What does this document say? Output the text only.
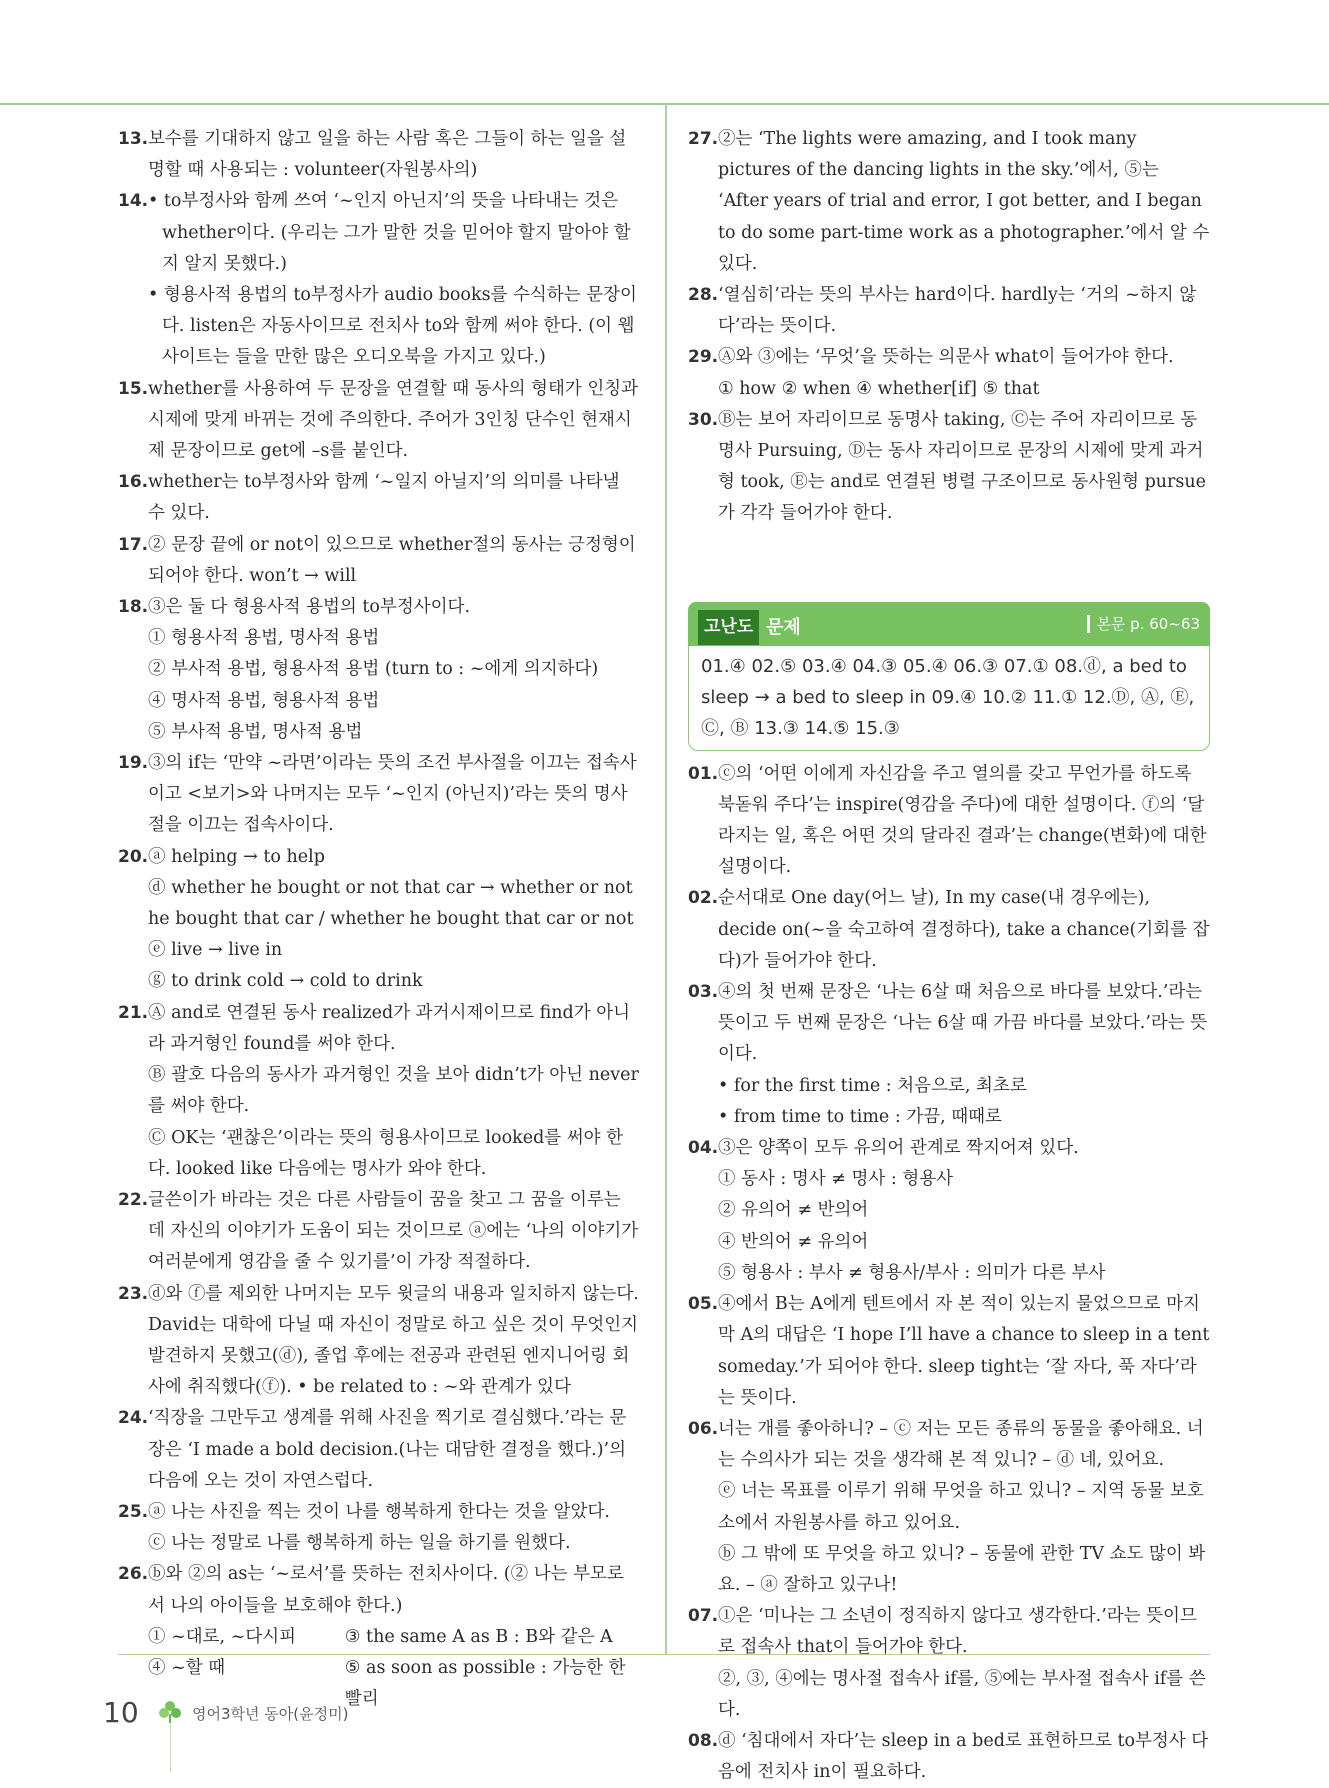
13. 보수를 기대하지 않고 일을 하는 사람 혹은 그들이 하는 일을 설명할 때 사용되는 : volunteer(자원봉사의)
14. • to부정사와 함께 쓰여 ‘~인지 아닌지’의 뜻을 나타내는 것은 whether이다. (우리는 그가 말한 것을 믿어야 할지 말아야 할지 알지 못했다.)
• 형용사적 용법의 to부정사가 audio books를 수식하는 문장이다. listen은 자동사이므로 전치사 to와 함께 써야 한다. (이 웹사이트는 들을 만한 많은 오디오북을 가지고 있다.)
15. whether를 사용하여 두 문장을 연결할 때 동사의 형태가 인칭과 시제에 맞게 바뀌는 것에 주의한다. 주어가 3인칭 단수인 현재시제 문장이므로 get에 –s를 붙인다.
16. whether는 to부정사와 함께 ‘~일지 아닐지’의 의미를 나타낼 수 있다.
17. ② 문장 끝에 or not이 있으므로 whether절의 동사는 긍정형이 되어야 한다. won’t → will
18. ③은 둘 다 형용사적 용법의 to부정사이다.
① 형용사적 용법, 명사적 용법
② 부사적 용법, 형용사적 용법 (turn to : ~에게 의지하다)
④ 명사적 용법, 형용사적 용법
⑤ 부사적 용법, 명사적 용법
19. ③의 if는 ‘만약 ~라면’이라는 뜻의 조건 부사절을 이끄는 접속사이고 <보기>와 나머지는 모두 ‘~인지 (아닌지)’라는 뜻의 명사절을 이끄는 접속사이다.
20. ⓐ helping → to help
ⓓ whether he bought or not that car → whether or not he bought that car / whether he bought that car or not
ⓔ live → live in
ⓖ to drink cold → cold to drink
21. Ⓐ and로 연결된 동사 realized가 과거시제이므로 find가 아니라 과거형인 found를 써야 한다.
Ⓑ 괄호 다음의 동사가 과거형인 것을 보아 didn’t가 아닌 never를 써야 한다.
Ⓒ OK는 ‘괜찮은’이라는 뜻의 형용사이므로 looked를 써야 한다. looked like 다음에는 명사가 와야 한다.
22. 글쓴이가 바라는 것은 다른 사람들이 꿈을 찾고 그 꿈을 이루는 데 자신의 이야기가 도움이 되는 것이므로 ⓐ에는 ‘나의 이야기가 여러분에게 영감을 줄 수 있기를’이 가장 적절하다.
23. ⓓ와 ⓕ를 제외한 나머지는 모두 윗글의 내용과 일치하지 않는다. David는 대학에 다닐 때 자신이 정말로 하고 싶은 것이 무엇인지 발견하지 못했고(ⓓ), 졸업 후에는 전공과 관련된 엔지니어링 회사에 취직했다(ⓕ). • be related to : ~와 관계가 있다
24. ‘직장을 그만두고 생계를 위해 사진을 찍기로 결심했다.’라는 문장은 ‘I made a bold decision.(나는 대담한 결정을 했다.)’의 다음에 오는 것이 자연스럽다.
25. ⓐ 나는 사진을 찍는 것이 나를 행복하게 한다는 것을 알았다.
ⓒ 나는 정말로 나를 행복하게 하는 일을 하기를 원했다.
26. ⓑ와 ②의 as는 ‘~로서’를 뜻하는 전치사이다. (② 나는 부모로서 나의 아이들을 보호해야 한다.)
① ~대로, ~다시피	③ the same A as B : B와 같은 A
④ ~할 때	⑤ as soon as possible : 가능한 한 빨리
27. ②는 ‘The lights were amazing, and I took many pictures of the dancing lights in the sky.’에서, ⑤는 ‘After years of trial and error, I got better, and I began to do some part-time work as a photographer.’에서 알 수 있다.
28. ‘열심히’라는 뜻의 부사는 hard이다. hardly는 ‘거의 ~하지 않다’라는 뜻이다.
29. Ⓐ와 ③에는 ‘무엇’을 뜻하는 의문사 what이 들어가야 한다.
① how ② when ④ whether[if] ⑤ that
30. Ⓑ는 보어 자리이므로 동명사 taking, Ⓒ는 주어 자리이므로 동명사 Pursuing, Ⓓ는 동사 자리이므로 문장의 시제에 맞게 과거형 took, Ⓔ는 and로 연결된 병렬 구조이므로 동사원형 pursue가 각각 들어가야 한다.
고난도 문제	본문 p. 60~63
01.④ 02.⑤ 03.④ 04.③ 05.④ 06.③ 07.① 08.ⓓ, a bed to sleep → a bed to sleep in 09.④ 10.② 11.① 12.Ⓓ, Ⓐ, Ⓔ, Ⓒ, Ⓑ 13.③ 14.⑤ 15.③
01. ⓒ의 ‘어떤 이에게 자신감을 주고 열의를 갖고 무언가를 하도록 북돋워 주다’는 inspire(영감을 주다)에 대한 설명이다. ⓕ의 ‘달라지는 일, 혹은 어떤 것의 달라진 결과’는 change(변화)에 대한 설명이다.
02. 순서대로 One day(어느 날), In my case(내 경우에는), decide on(~을 숙고하여 결정하다), take a chance(기회를 잡다)가 들어가야 한다.
03. ④의 첫 번째 문장은 ‘나는 6살 때 처음으로 바다를 보았다.’라는 뜻이고 두 번째 문장은 ‘나는 6살 때 가끔 바다를 보았다.’라는 뜻이다.
• for the first time : 처음으로, 최초로
• from time to time : 가끔, 때때로
04. ③은 양쪽이 모두 유의어 관계로 짝지어져 있다.
① 동사 : 명사 ≠ 명사 : 형용사
② 유의어 ≠ 반의어
④ 반의어 ≠ 유의어
⑤ 형용사 : 부사 ≠ 형용사/부사 : 의미가 다른 부사
05. ④에서 B는 A에게 텐트에서 자 본 적이 있는지 물었으므로 마지막 A의 대답은 ‘I hope I’ll have a chance to sleep in a tent someday.’가 되어야 한다. sleep tight는 ‘잘 자다, 푹 자다’라는 뜻이다.
06. 너는 개를 좋아하니? – ⓒ 저는 모든 종류의 동물을 좋아해요. 너는 수의사가 되는 것을 생각해 본 적 있니? – ⓓ 네, 있어요.
ⓔ 너는 목표를 이루기 위해 무엇을 하고 있니? – 지역 동물 보호소에서 자원봉사를 하고 있어요.
ⓑ 그 밖에 또 무엇을 하고 있니? – 동물에 관한 TV 쇼도 많이 봐요. – ⓐ 잘하고 있구나!
07. ①은 ‘미나는 그 소년이 정직하지 않다고 생각한다.’라는 뜻이므로 접속사 that이 들어가야 한다.
②, ③, ④에는 명사절 접속사 if를, ⑤에는 부사절 접속사 if를 쓴다.
08. ⓓ ‘침대에서 자다’는 sleep in a bed로 표현하므로 to부정사 다음에 전치사 in이 필요하다.
10	영어3학년 동아(윤정미)
